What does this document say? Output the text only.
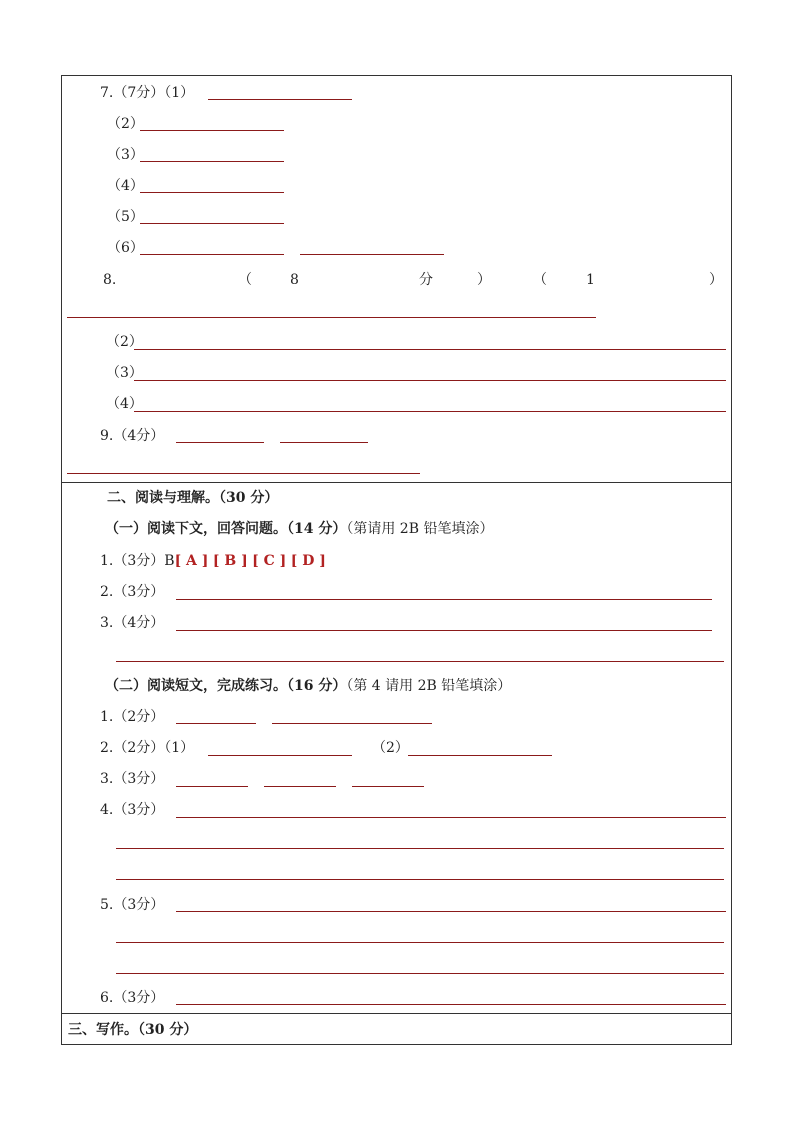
7.（7分）（1）
（2）
（3）
（4）
（5）
（6）
8.	（	8	分	）	（	1	）
（2）
（3）
（4）
9.（4分）
二、阅读与理解。（30 分）
（一）阅读下文，回答问题。（14 分）（第请用 2B 铅笔填涂）
1.（3分）B[ A ] [ B ] [ C ] [ D ]
2.（3分）
3.（4分）
（二）阅读短文，完成练习。（16 分）（第 4 请用 2B 铅笔填涂）
1.（2分）
2.（2分）（1）	（2）
3.（3分）
4.（3分）
5.（3分）
6.（3分）
三、写作。（30 分）
